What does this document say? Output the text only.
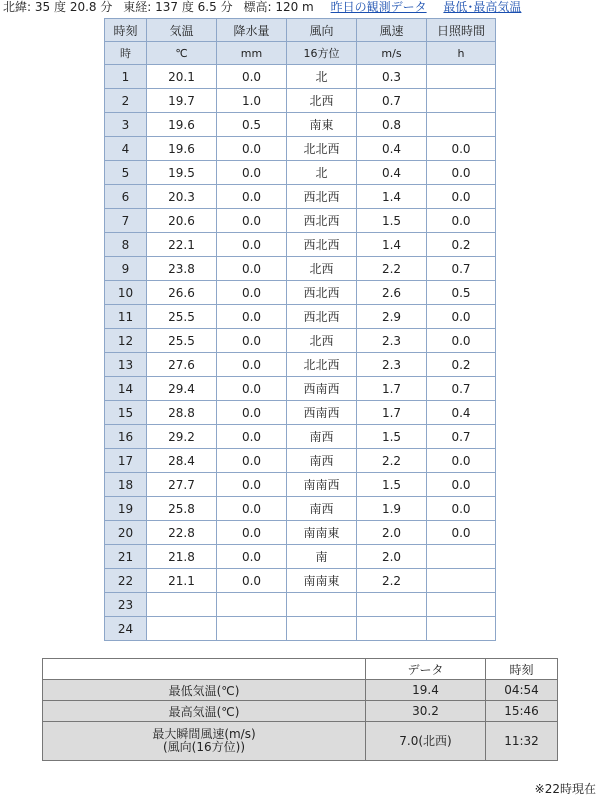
北緯: 35 度 20.8 分 東経: 137 度 6.5 分 標高: 120 m 昨日の観測データ 最低･最高気温
時刻	気温	降水量	風向	風速	日照時間
時	℃	mm	16方位	m/s	h
1	20.1	0.0	北	0.3	
2	19.7	1.0	北西	0.7	
3	19.6	0.5	南東	0.8	
4	19.6	0.0	北北西	0.4	0.0
5	19.5	0.0	北	0.4	0.0
6	20.3	0.0	西北西	1.4	0.0
7	20.6	0.0	西北西	1.5	0.0
8	22.1	0.0	西北西	1.4	0.2
9	23.8	0.0	北西	2.2	0.7
10	26.6	0.0	西北西	2.6	0.5
11	25.5	0.0	西北西	2.9	0.0
12	25.5	0.0	北西	2.3	0.0
13	27.6	0.0	北北西	2.3	0.2
14	29.4	0.0	西南西	1.7	0.7
15	28.8	0.0	西南西	1.7	0.4
16	29.2	0.0	南西	1.5	0.7
17	28.4	0.0	南西	2.2	0.0
18	27.7	0.0	南南西	1.5	0.0
19	25.8	0.0	南西	1.9	0.0
20	22.8	0.0	南南東	2.0	0.0
21	21.8	0.0	南	2.0	
22	21.1	0.0	南南東	2.2	
23					
24					
	データ	時刻
最低気温(℃)	19.4	04:54
最高気温(℃)	30.2	15:46
最大瞬間風速(m/s)
(風向(16方位))	7.0(北西)	11:32
※22時現在
